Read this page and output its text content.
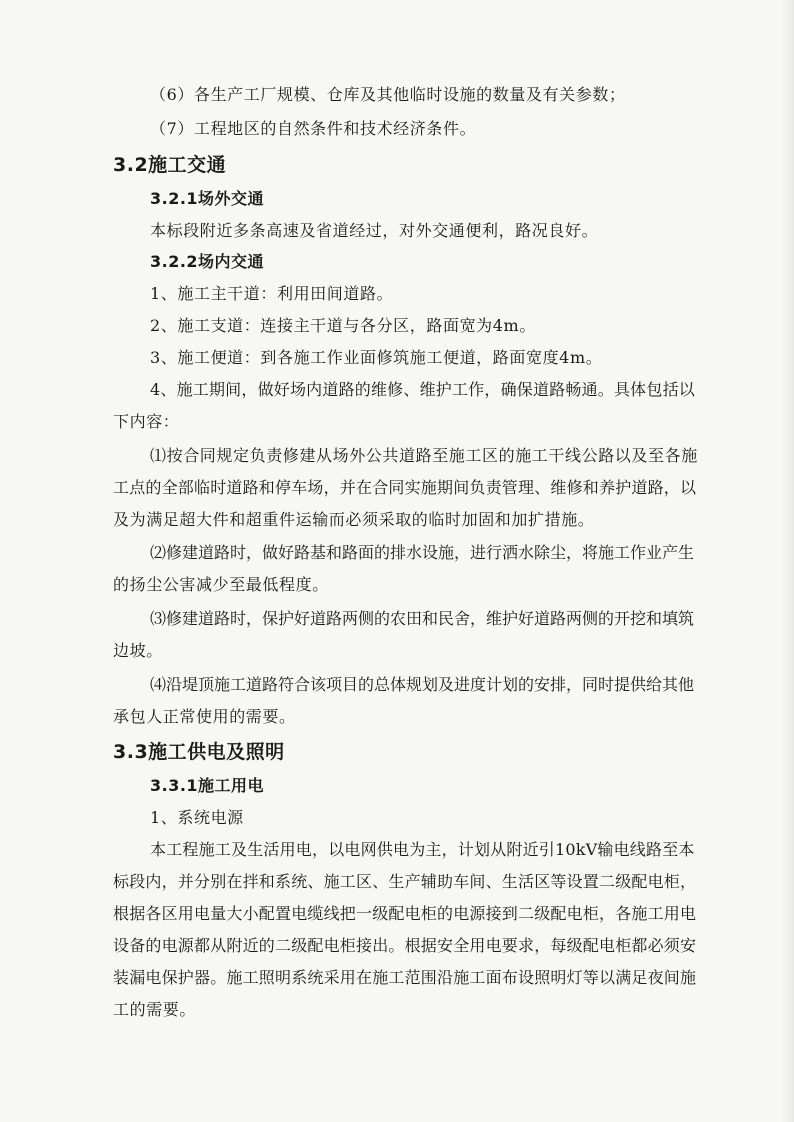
（6）各生产工厂规模、仓库及其他临时设施的数量及有关参数；
（7）工程地区的自然条件和技术经济条件。
3.2施工交通
3.2.1场外交通
本标段附近多条高速及省道经过，对外交通便利，路况良好。
3.2.2场内交通
1、施工主干道：利用田间道路。
2、施工支道：连接主干道与各分区，路面宽为4m。
3、施工便道：到各施工作业面修筑施工便道，路面宽度4m。
4、施工期间，做好场内道路的维修、维护工作，确保道路畅通。具体包括以
下内容：
⑴按合同规定负责修建从场外公共道路至施工区的施工干线公路以及至各施
工点的全部临时道路和停车场，并在合同实施期间负责管理、维修和养护道路，以
及为满足超大件和超重件运输而必须采取的临时加固和加扩措施。
⑵修建道路时，做好路基和路面的排水设施，进行洒水除尘，将施工作业产生
的扬尘公害减少至最低程度。
⑶修建道路时，保护好道路两侧的农田和民舍，维护好道路两侧的开挖和填筑
边坡。
⑷沿堤顶施工道路符合该项目的总体规划及进度计划的安排，同时提供给其他
承包人正常使用的需要。
3.3施工供电及照明
3.3.1施工用电
1、系统电源
本工程施工及生活用电，以电网供电为主，计划从附近引10kV输电线路至本
标段内，并分别在拌和系统、施工区、生产辅助车间、生活区等设置二级配电柜，
根据各区用电量大小配置电缆线把一级配电柜的电源接到二级配电柜，各施工用电
设备的电源都从附近的二级配电柜接出。根据安全用电要求，每级配电柜都必须安
装漏电保护器。施工照明系统采用在施工范围沿施工面布设照明灯等以满足夜间施
工的需要。
